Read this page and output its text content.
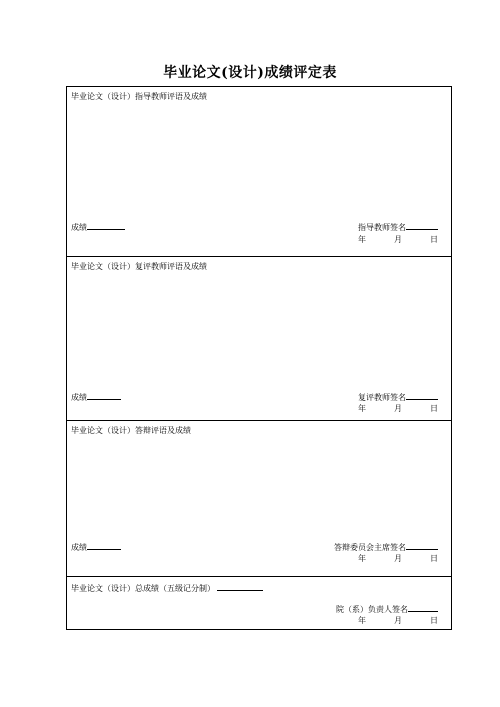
毕业论文(设计)成绩评定表
毕业论文（设计）指导教师评语及成绩
成绩	指导教师签名
年	月	日
毕业论文（设计）复评教师评语及成绩
成绩	复评教师签名
年	月	日
毕业论文（设计）答辩评语及成绩
成绩	答辩委员会主席签名
年	月	日
毕业论文（设计）总成绩（五级记分制）
院（系）负责人签名
年	月	日
